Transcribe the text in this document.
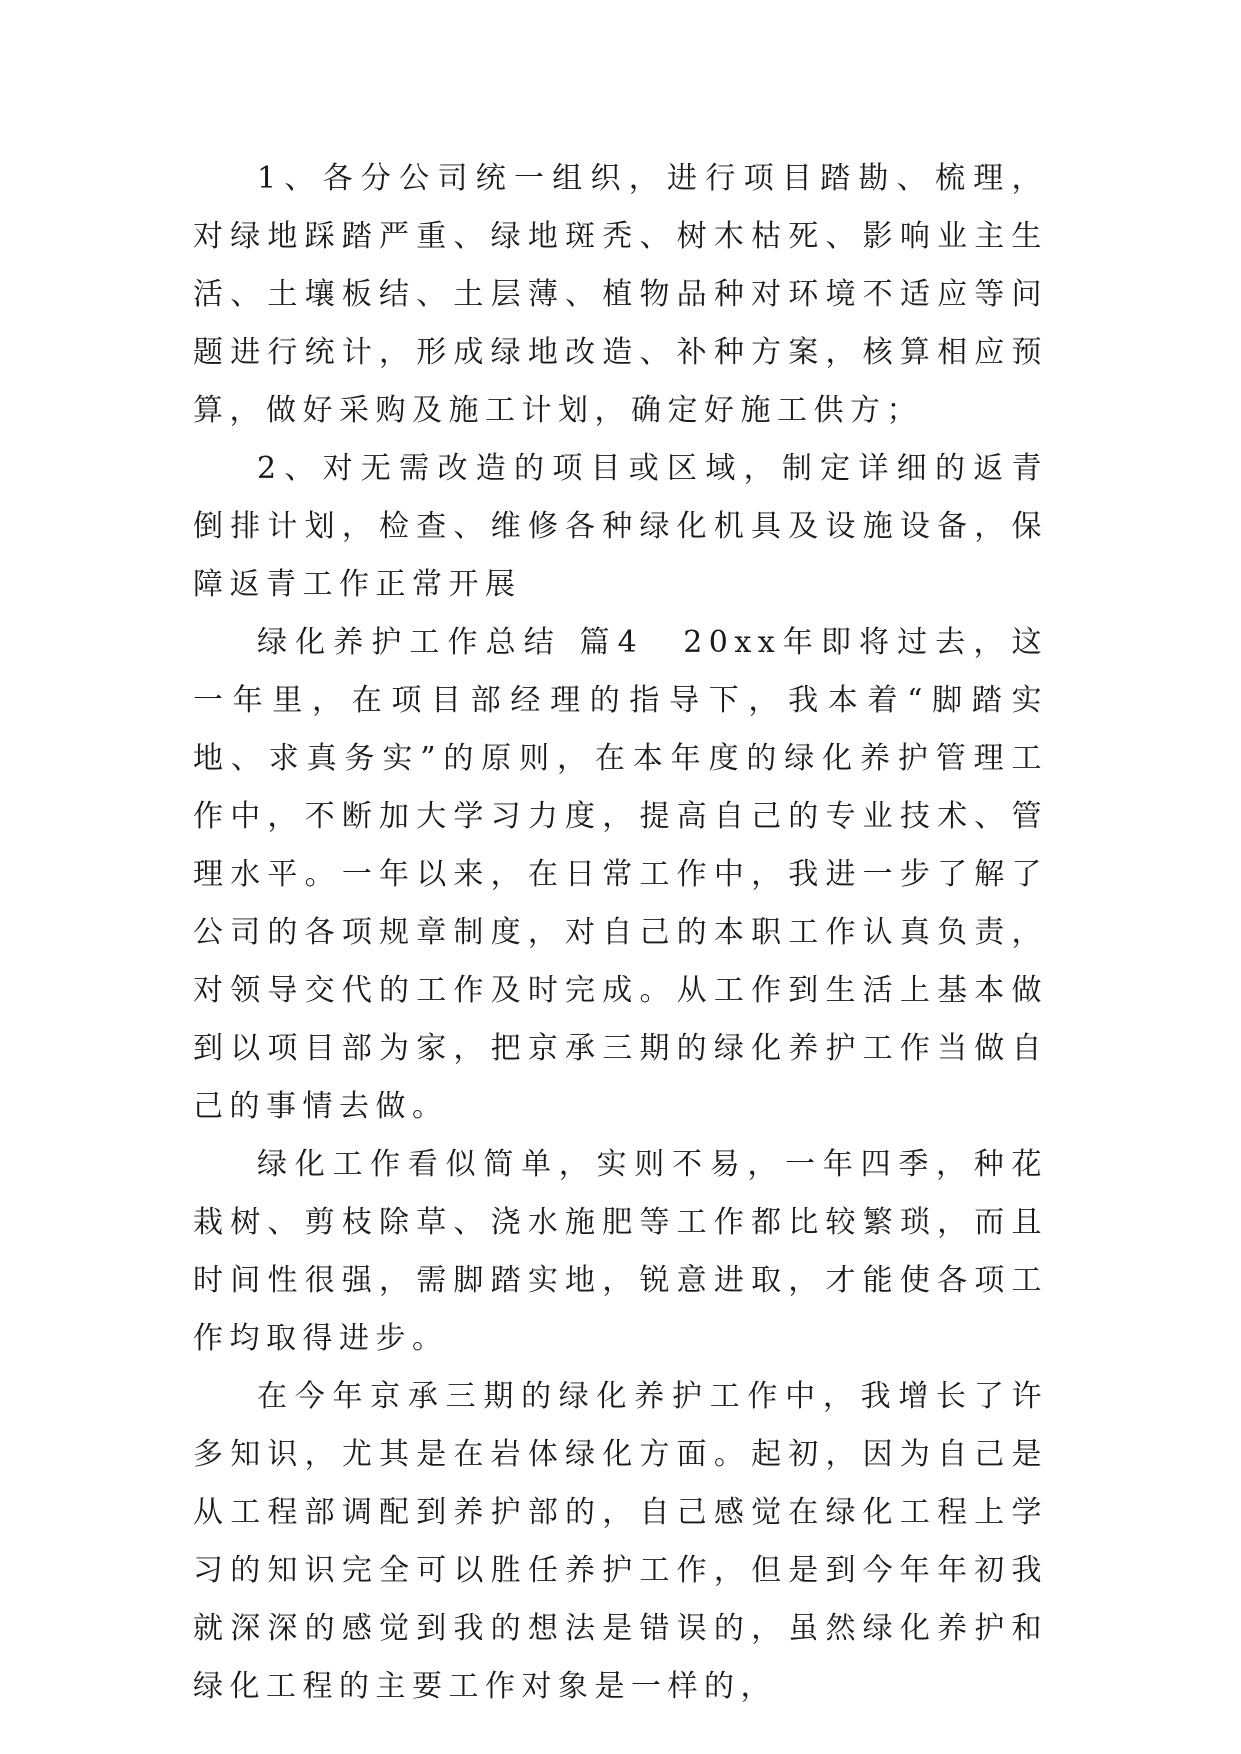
1、各分公司统一组织，进行项目踏勘、梳理，对绿地踩踏严重、绿地斑秃、树木枯死、影响业主生活、土壤板结、土层薄、植物品种对环境不适应等问题进行统计，形成绿地改造、补种方案，核算相应预算，做好采购及施工计划，确定好施工供方；

2、对无需改造的项目或区域，制定详细的返青倒排计划，检查、维修各种绿化机具及设施设备，保障返青工作正常开展

绿化养护工作总结 篇4 20xx年即将过去，这一年里，在项目部经理的指导下，我本着“脚踏实地、求真务实”的原则，在本年度的绿化养护管理工作中，不断加大学习力度，提高自己的专业技术、管理水平。一年以来，在日常工作中，我进一步了解了公司的各项规章制度，对自己的本职工作认真负责，对领导交代的工作及时完成。从工作到生活上基本做到以项目部为家，把京承三期的绿化养护工作当做自己的事情去做。

绿化工作看似简单，实则不易，一年四季，种花栽树、剪枝除草、浇水施肥等工作都比较繁琐，而且时间性很强，需脚踏实地，锐意进取，才能使各项工作均取得进步。

在今年京承三期的绿化养护工作中，我增长了许多知识，尤其是在岩体绿化方面。起初，因为自己是从工程部调配到养护部的，自己感觉在绿化工程上学习的知识完全可以胜任养护工作，但是到今年年初我就深深的感觉到我的想法是错误的，虽然绿化养护和绿化工程的主要工作对象是一样的，
